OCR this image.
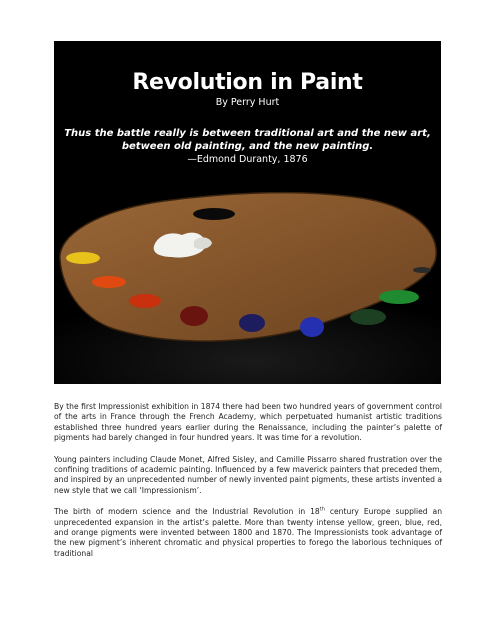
Revolution in Paint
By Perry Hurt
Thus the battle really is between traditional art and the new art, between old painting, and the new painting.
—Edmond Duranty, 1876

By the first Impressionist exhibition in 1874 there had been two hundred years of government control of the arts in France through the French Academy, which perpetuated humanist artistic traditions established three hundred years earlier during the Renaissance, including the painter’s palette of pigments had barely changed in four hundred years. It was time for a revolution.

Young painters including Claude Monet, Alfred Sisley, and Camille Pissarro shared frustration over the confining traditions of academic painting. Influenced by a few maverick painters that preceded them, and inspired by an unprecedented number of newly invented paint pigments, these artists invented a new style that we call ‘Impressionism’.

The birth of modern science and the Industrial Revolution in 18th century Europe supplied an unprecedented expansion in the artist’s palette. More than twenty intense yellow, green, blue, red, and orange pigments were invented between 1800 and 1870. The Impressionists took advantage of the new pigment’s inherent chromatic and physical properties to forego the laborious techniques of traditional
